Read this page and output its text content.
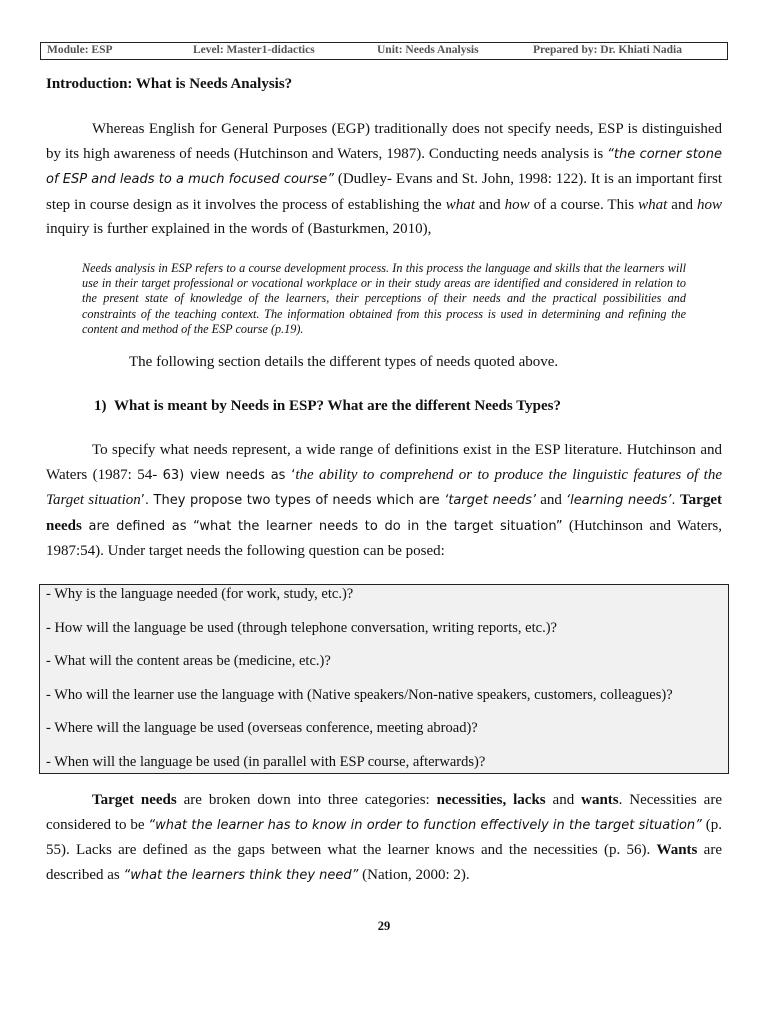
Module: ESP	Level: Master1-didactics	Unit: Needs Analysis	Prepared by: Dr. Khiati Nadia
Introduction: What is Needs Analysis?

Whereas English for General Purposes (EGP) traditionally does not specify needs, ESP is distinguished by its high awareness of needs (Hutchinson and Waters, 1987). Conducting needs analysis is “the corner stone of ESP and leads to a much focused course” (Dudley- Evans and St. John, 1998: 122). It is an important first step in course design as it involves the process of establishing the what and how of a course. This what and how inquiry is further explained in the words of (Basturkmen, 2010),

Needs analysis in ESP refers to a course development process. In this process the language and skills that the learners will use in their target professional or vocational workplace or in their study areas are identified and considered in relation to the present state of knowledge of the learners, their perceptions of their needs and the practical possibilities and constraints of the teaching context. The information obtained from this process is used in determining and refining the content and method of the ESP course (p.19).

The following section details the different types of needs quoted above.

1)  What is meant by Needs in ESP? What are the different Needs Types?

To specify what needs represent, a wide range of definitions exist in the ESP literature. Hutchinson and Waters (1987: 54- 63) view needs as ‘the ability to comprehend or to produce the linguistic features of the Target situation’. They propose two types of needs which are ‘target needs’ and ‘learning needs’. Target needs are defined as “what the learner needs to do in the target situation” (Hutchinson and Waters, 1987:54). Under target needs the following question can be posed:

- Why is the language needed (for work, study, etc.)?
- How will the language be used (through telephone conversation, writing reports, etc.)?
- What will the content areas be (medicine, etc.)?
- Who will the learner use the language with (Native speakers/Non-native speakers, customers, colleagues)?
- Where will the language be used (overseas conference, meeting abroad)?
- When will the language be used (in parallel with ESP course, afterwards)?

Target needs are broken down into three categories: necessities, lacks and wants. Necessities are considered to be “what the learner has to know in order to function effectively in the target situation” (p. 55). Lacks are defined as the gaps between what the learner knows and the necessities (p. 56). Wants are described as “what the learners think they need” (Nation, 2000: 2).

29
